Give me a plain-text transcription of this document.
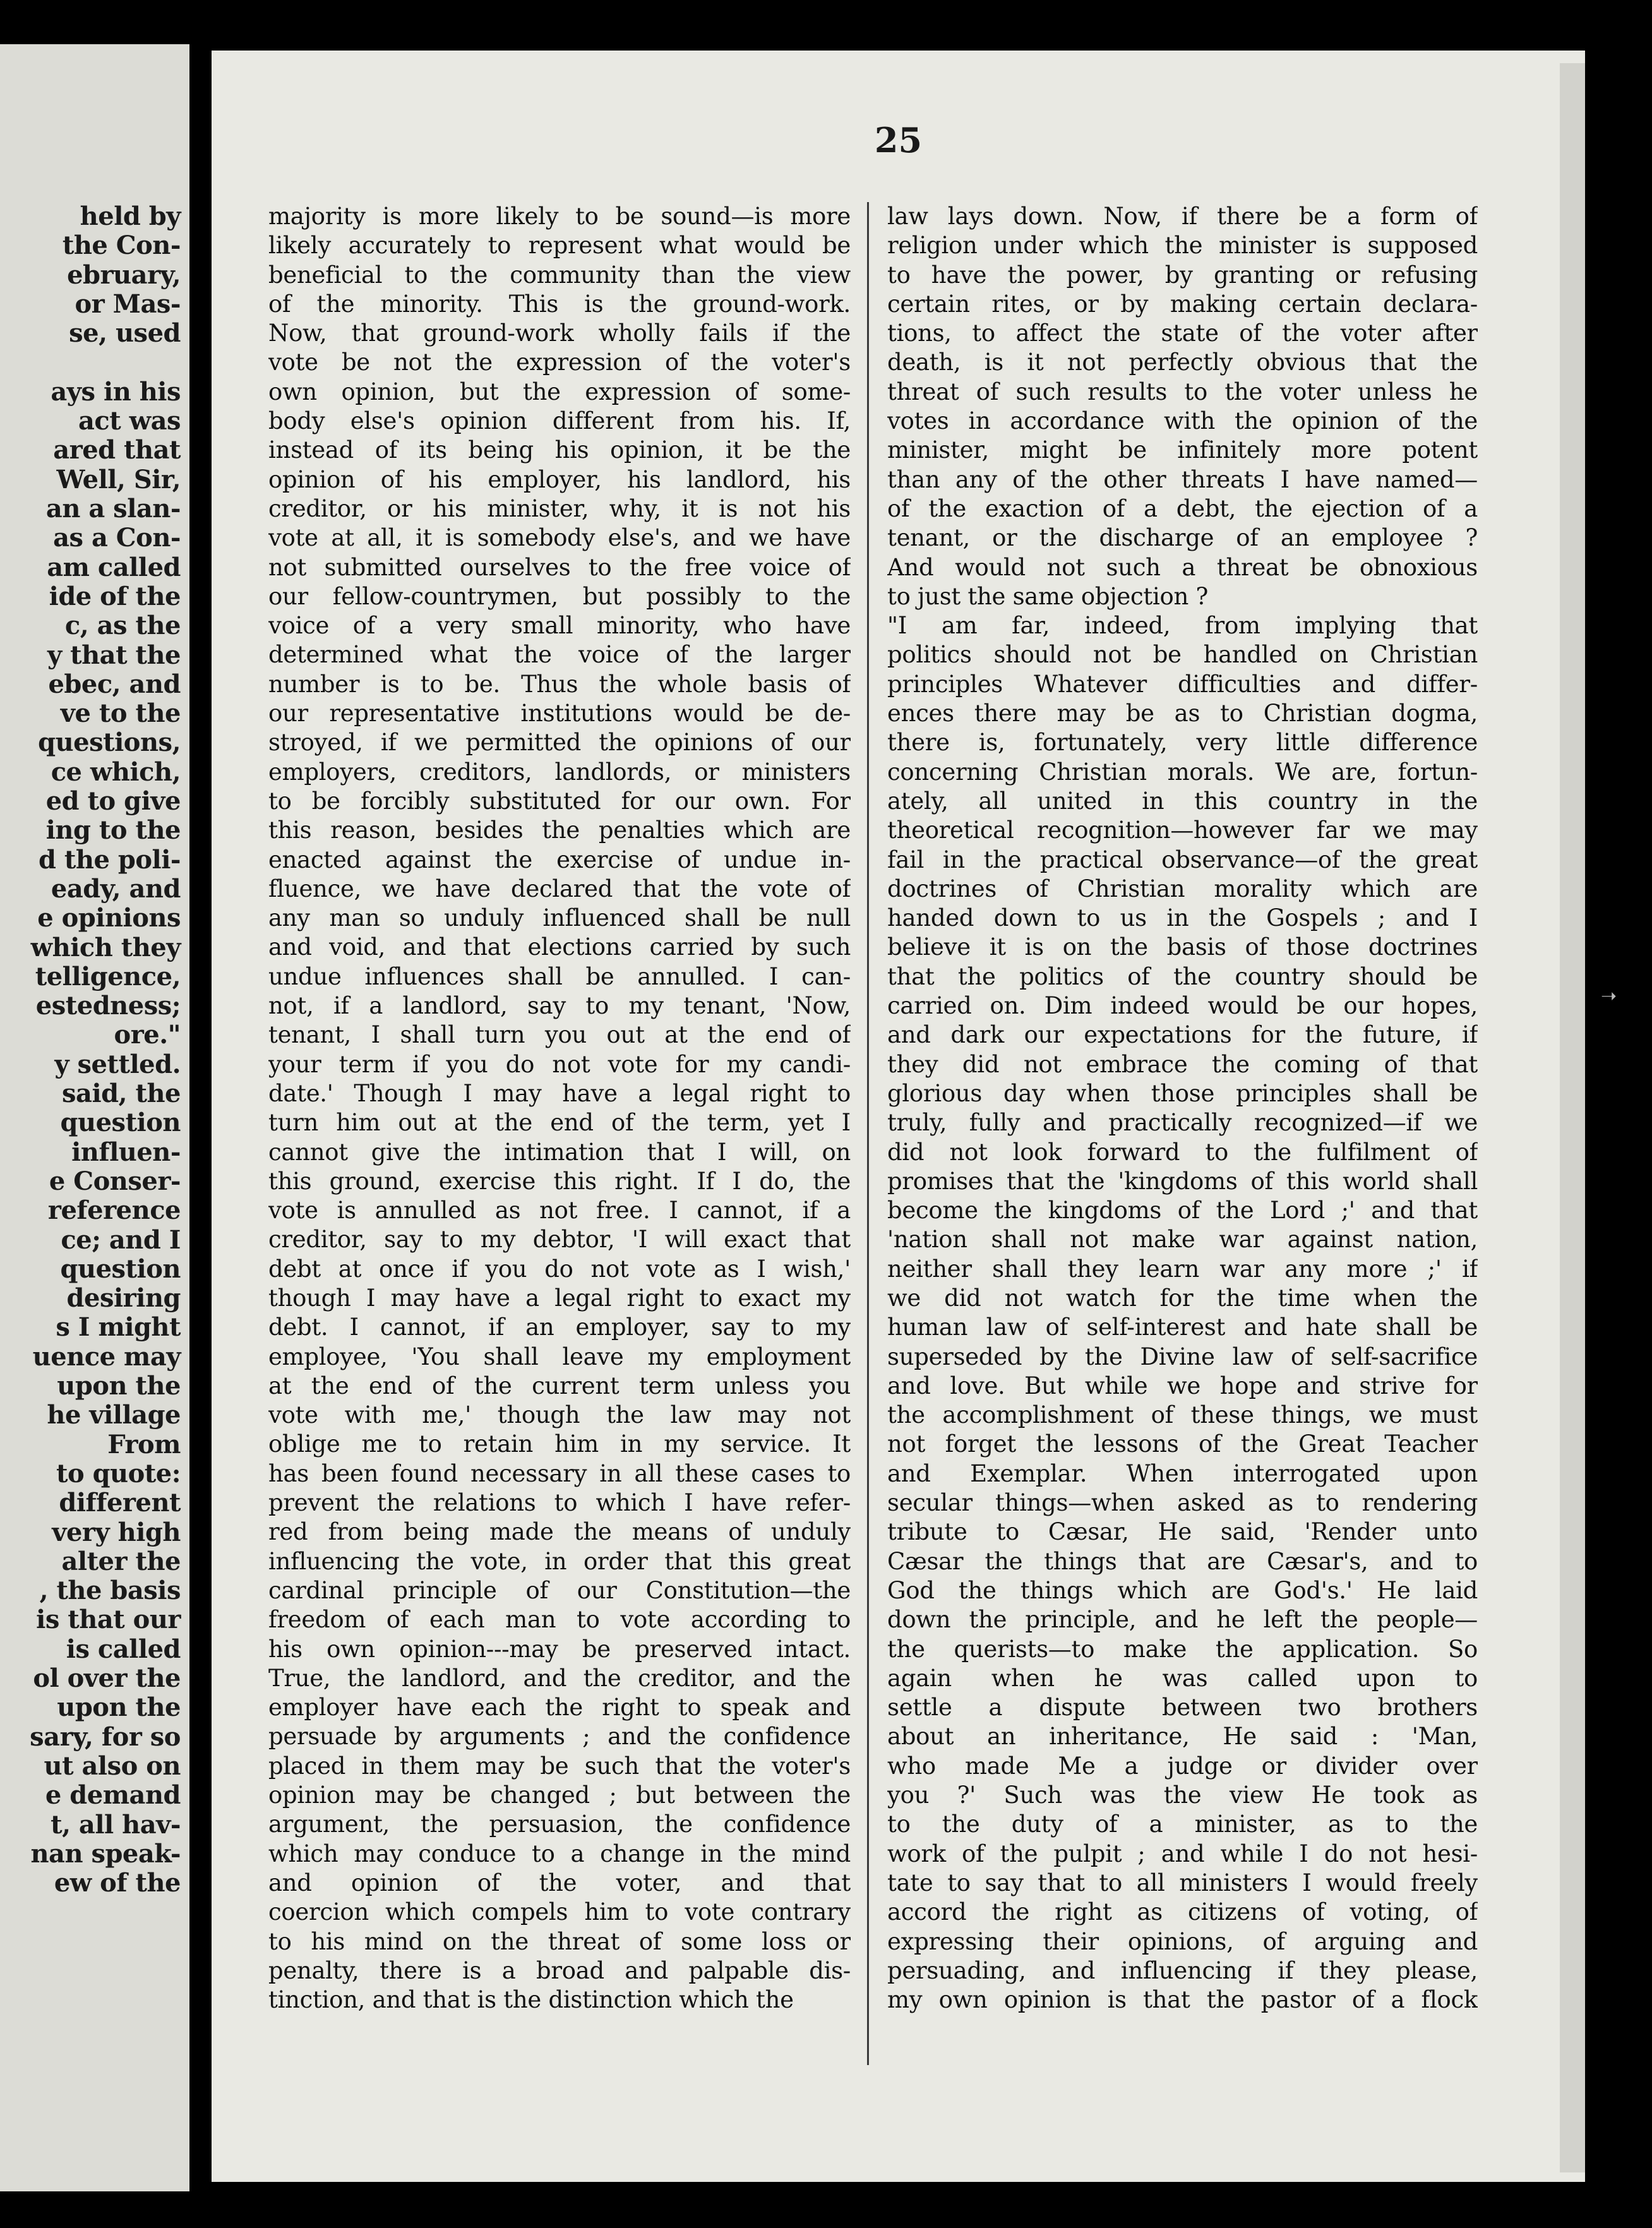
held by
the Con-
ebruary,
or Mas-
se, used
ays in his
act was
ared that
Well, Sir,
an a slan-
as a Con-
am called
ide of the
c, as the
y that the
ebec, and
ve to the
questions,
ce which,
ed to give
ing to the
d the poli-
eady, and
e opinions
which they
telligence,
estedness;
ore."
y settled.
said, the
question
influen-
e Conser-
reference
ce; and I
question
desiring
s I might
uence may
upon the
he village
From
to quote:
different
very high
alter the
, the basis
is that our
is called
ol over the
upon the
sary, for so
ut also on
e demand
t, all hav-
nan speak-
ew of the
25
majority is more likely to be sound—is more
likely accurately to represent what would be
beneficial to the community than the view
of the minority. This is the ground-work.
Now, that ground-work wholly fails if the
vote be not the expression of the voter's
own opinion, but the expression of some-
body else's opinion different from his. If,
instead of its being his opinion, it be the
opinion of his employer, his landlord, his
creditor, or his minister, why, it is not his
vote at all, it is somebody else's, and we have
not submitted ourselves to the free voice of
our fellow-countrymen, but possibly to the
voice of a very small minority, who have
determined what the voice of the larger
number is to be. Thus the whole basis of
our representative institutions would be de-
stroyed, if we permitted the opinions of our
employers, creditors, landlords, or ministers
to be forcibly substituted for our own. For
this reason, besides the penalties which are
enacted against the exercise of undue in-
fluence, we have declared that the vote of
any man so unduly influenced shall be null
and void, and that elections carried by such
undue influences shall be annulled. I can-
not, if a landlord, say to my tenant, 'Now,
tenant, I shall turn you out at the end of
your term if you do not vote for my candi-
date.' Though I may have a legal right to
turn him out at the end of the term, yet I
cannot give the intimation that I will, on
this ground, exercise this right. If I do, the
vote is annulled as not free. I cannot, if a
creditor, say to my debtor, 'I will exact that
debt at once if you do not vote as I wish,'
though I may have a legal right to exact my
debt. I cannot, if an employer, say to my
employee, 'You shall leave my employment
at the end of the current term unless you
vote with me,' though the law may not
oblige me to retain him in my service. It
has been found necessary in all these cases to
prevent the relations to which I have refer-
red from being made the means of unduly
influencing the vote, in order that this great
cardinal principle of our Constitution—the
freedom of each man to vote according to
his own opinion---may be preserved intact.
True, the landlord, and the creditor, and the
employer have each the right to speak and
persuade by arguments ; and the confidence
placed in them may be such that the voter's
opinion may be changed ; but between the
argument, the persuasion, the confidence
which may conduce to a change in the mind
and opinion of the voter, and that
coercion which compels him to vote contrary
to his mind on the threat of some loss or
penalty, there is a broad and palpable dis-
tinction, and that is the distinction which the
law lays down. Now, if there be a form of
religion under which the minister is supposed
to have the power, by granting or refusing
certain rites, or by making certain declara-
tions, to affect the state of the voter after
death, is it not perfectly obvious that the
threat of such results to the voter unless he
votes in accordance with the opinion of the
minister, might be infinitely more potent
than any of the other threats I have named—
of the exaction of a debt, the ejection of a
tenant, or the discharge of an employee ?
And would not such a threat be obnoxious
to just the same objection ?
"I am far, indeed, from implying that
politics should not be handled on Christian
principles Whatever difficulties and differ-
ences there may be as to Christian dogma,
there is, fortunately, very little difference
concerning Christian morals. We are, fortun-
ately, all united in this country in the
theoretical recognition—however far we may
fail in the practical observance—of the great
doctrines of Christian morality which are
handed down to us in the Gospels ; and I
believe it is on the basis of those doctrines
that the politics of the country should be
carried on. Dim indeed would be our hopes,
and dark our expectations for the future, if
they did not embrace the coming of that
glorious day when those principles shall be
truly, fully and practically recognized—if we
did not look forward to the fulfilment of
promises that the 'kingdoms of this world shall
become the kingdoms of the Lord ;' and that
'nation shall not make war against nation,
neither shall they learn war any more ;' if
we did not watch for the time when the
human law of self-interest and hate shall be
superseded by the Divine law of self-sacrifice
and love. But while we hope and strive for
the accomplishment of these things, we must
not forget the lessons of the Great Teacher
and Exemplar. When interrogated upon
secular things—when asked as to rendering
tribute to Cæsar, He said, 'Render unto
Cæsar the things that are Cæsar's, and to
God the things which are God's.' He laid
down the principle, and he left the people—
the querists—to make the application. So
again when he was called upon to
settle a dispute between two brothers
about an inheritance, He said : 'Man,
who made Me a judge or divider over
you ?' Such was the view He took as
to the duty of a minister, as to the
work of the pulpit ; and while I do not hesi-
tate to say that to all ministers I would freely
accord the right as citizens of voting, of
expressing their opinions, of arguing and
persuading, and influencing if they please,
my own opinion is that the pastor of a flock
➝
